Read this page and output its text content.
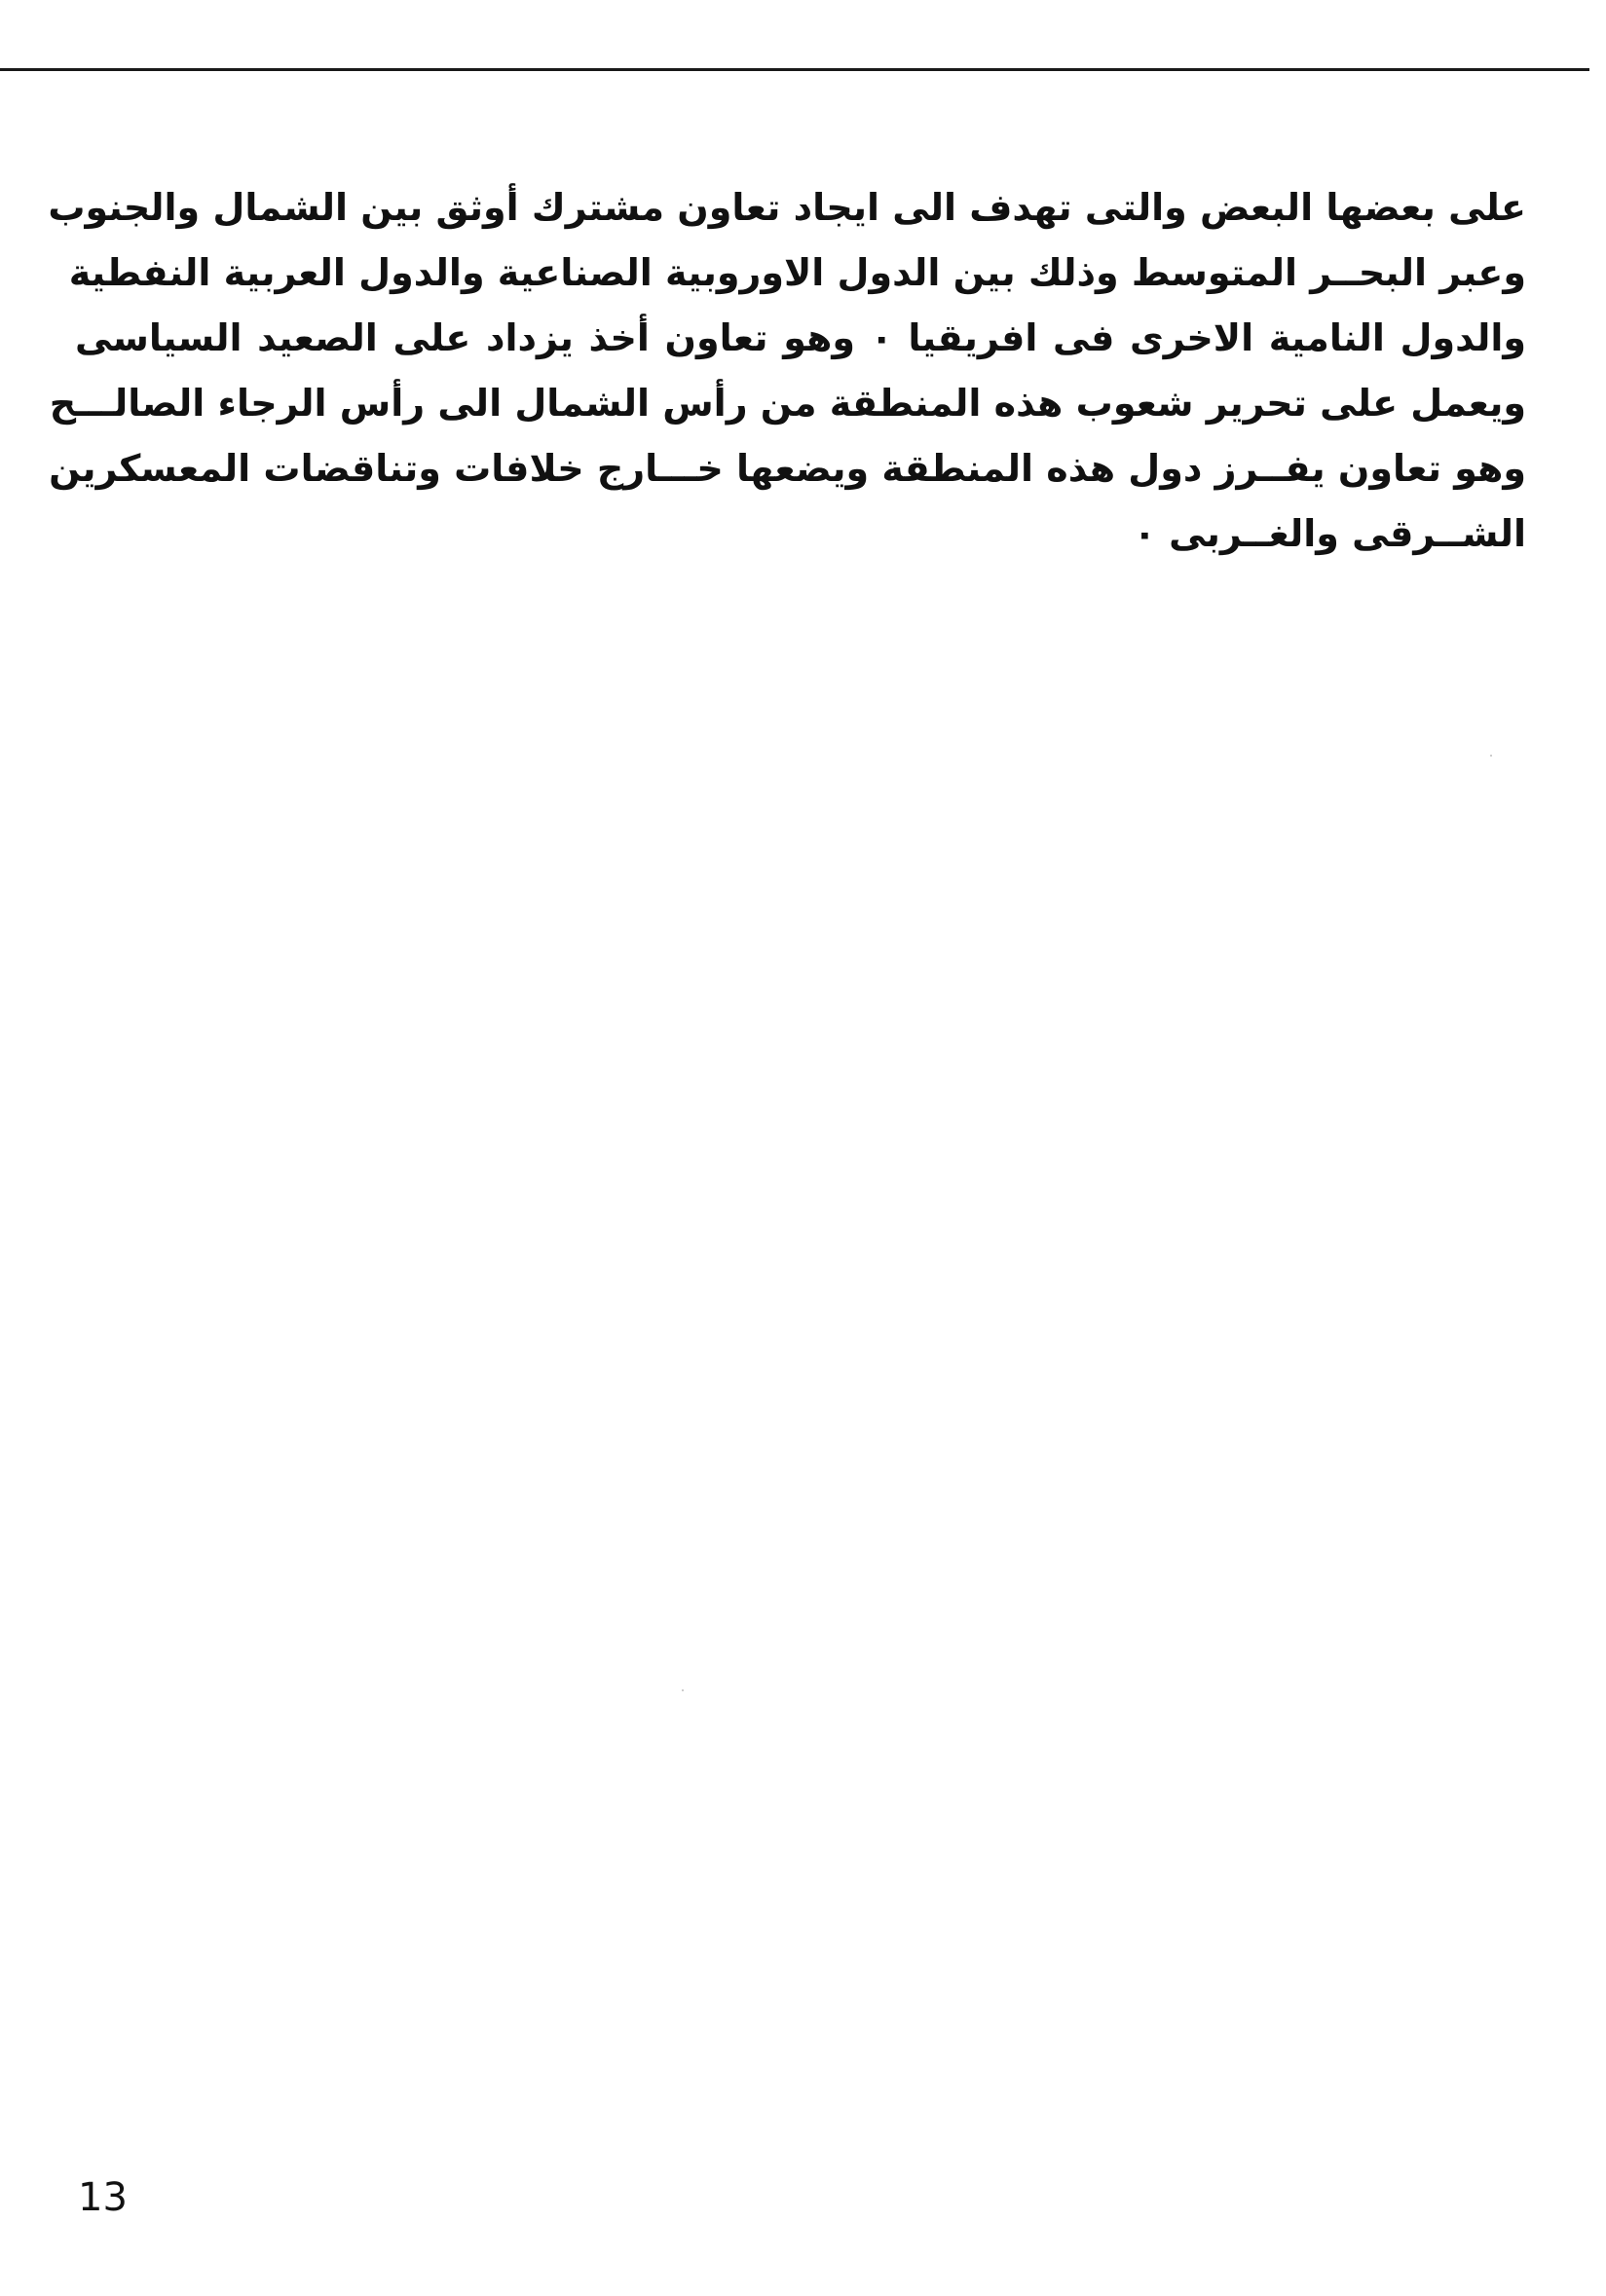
على بعضها البعض والتى تهدف الى ايجاد تعاون مشترك أوثق بين الشمال والجنوب
وعبر البحــر المتوسط وذلك بين الدول الاوروبية الصناعية والدول العربية النفطية
والدول النامية الاخرى فى افريقيا ٠ وهو تعاون أخذ يزداد على الصعيد السياسى
ويعمل على تحرير شعوب هذه المنطقة من رأس الشمال الى رأس الرجاء الصالـــح
وهو تعاون يفــرز دول هذه المنطقة ويضعها خـــارج خلافات وتناقضات المعسكرين
الشــرقى والغــربى ٠
13
